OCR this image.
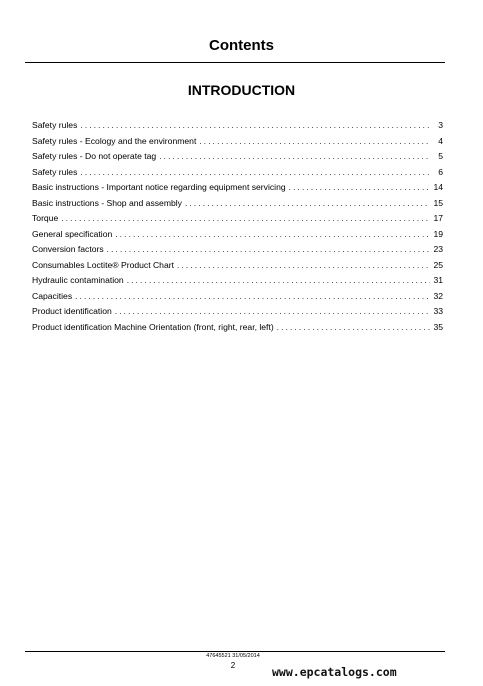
Contents
INTRODUCTION
Safety rules . . .	3
Safety rules - Ecology and the environment . . .	4
Safety rules - Do not operate tag . . .	5
Safety rules . . .	6
Basic instructions - Important notice regarding equipment servicing . . .	14
Basic instructions - Shop and assembly . . .	15
Torque . . .	17
General specification . . .	19
Conversion factors . . .	23
Consumables Loctite® Product Chart . . .	25
Hydraulic contamination . . .	31
Capacities . . .	32
Product identification . . .	33
Product identification Machine Orientation (front, right, rear, left) . . .	35
47645521 31/05/2014
2	www.epcatalogs.com
